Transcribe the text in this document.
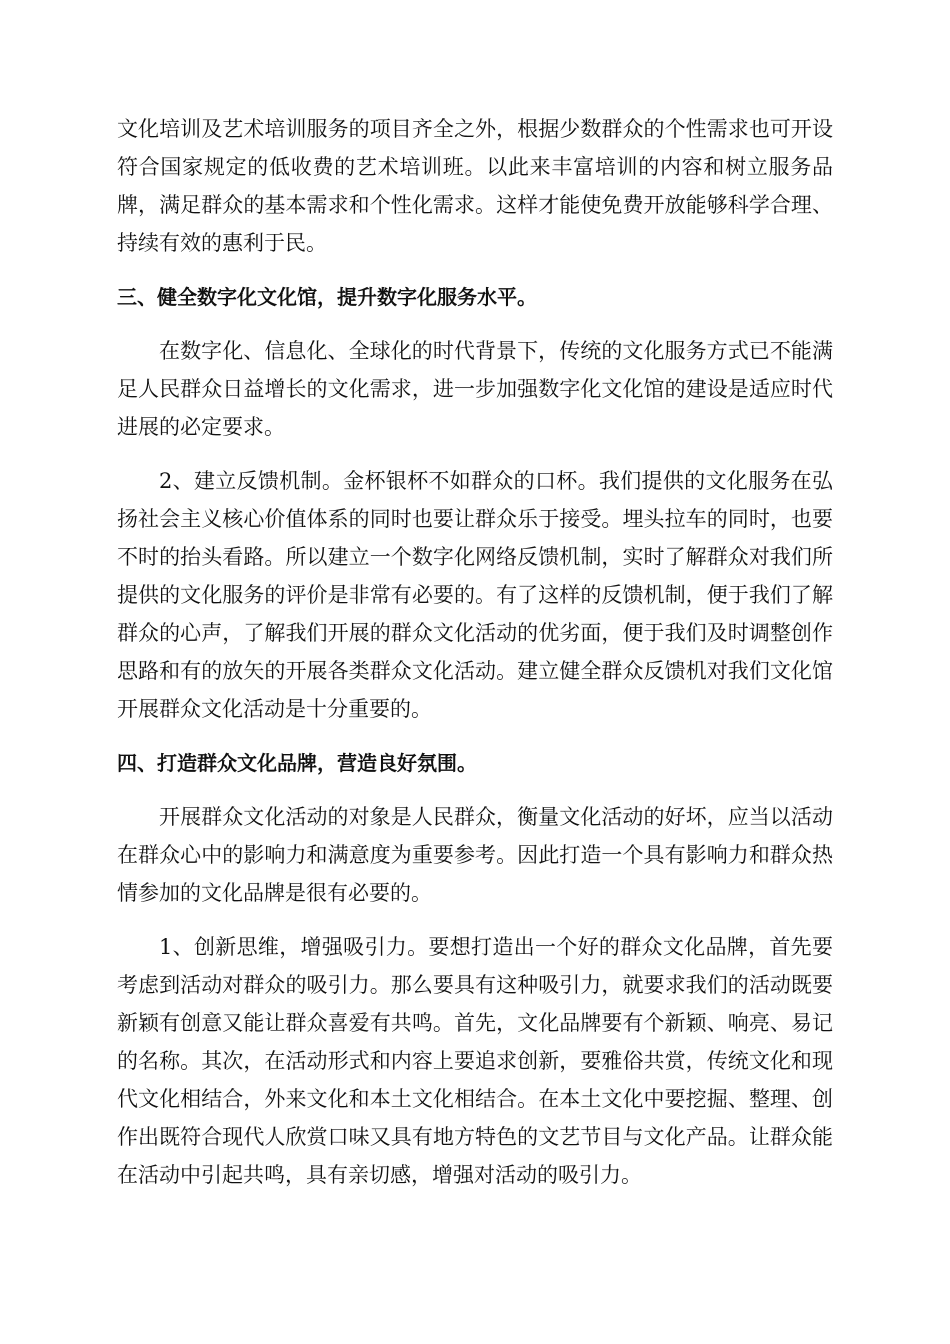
文化培训及艺术培训服务的项目齐全之外，根据少数群众的个性需求也可开设符合国家规定的低收费的艺术培训班。以此来丰富培训的内容和树立服务品牌，满足群众的基本需求和个性化需求。这样才能使免费开放能够科学合理、持续有效的惠利于民。

三、健全数字化文化馆，提升数字化服务水平。

在数字化、信息化、全球化的时代背景下，传统的文化服务方式已不能满足人民群众日益增长的文化需求，进一步加强数字化文化馆的建设是适应时代进展的必定要求。

2、建立反馈机制。金杯银杯不如群众的口杯。我们提供的文化服务在弘扬社会主义核心价值体系的同时也要让群众乐于接受。埋头拉车的同时，也要不时的抬头看路。所以建立一个数字化网络反馈机制，实时了解群众对我们所提供的文化服务的评价是非常有必要的。有了这样的反馈机制，便于我们了解群众的心声，了解我们开展的群众文化活动的优劣面，便于我们及时调整创作思路和有的放矢的开展各类群众文化活动。建立健全群众反馈机对我们文化馆开展群众文化活动是十分重要的。

四、打造群众文化品牌，营造良好氛围。

开展群众文化活动的对象是人民群众，衡量文化活动的好坏，应当以活动在群众心中的影响力和满意度为重要参考。因此打造一个具有影响力和群众热情参加的文化品牌是很有必要的。

1、创新思维，增强吸引力。要想打造出一个好的群众文化品牌，首先要考虑到活动对群众的吸引力。那么要具有这种吸引力，就要求我们的活动既要新颖有创意又能让群众喜爱有共鸣。首先，文化品牌要有个新颖、响亮、易记的名称。其次，在活动形式和内容上要追求创新，要雅俗共赏，传统文化和现代文化相结合，外来文化和本土文化相结合。在本土文化中要挖掘、整理、创作出既符合现代人欣赏口味又具有地方特色的文艺节目与文化产品。让群众能在活动中引起共鸣，具有亲切感，增强对活动的吸引力。
